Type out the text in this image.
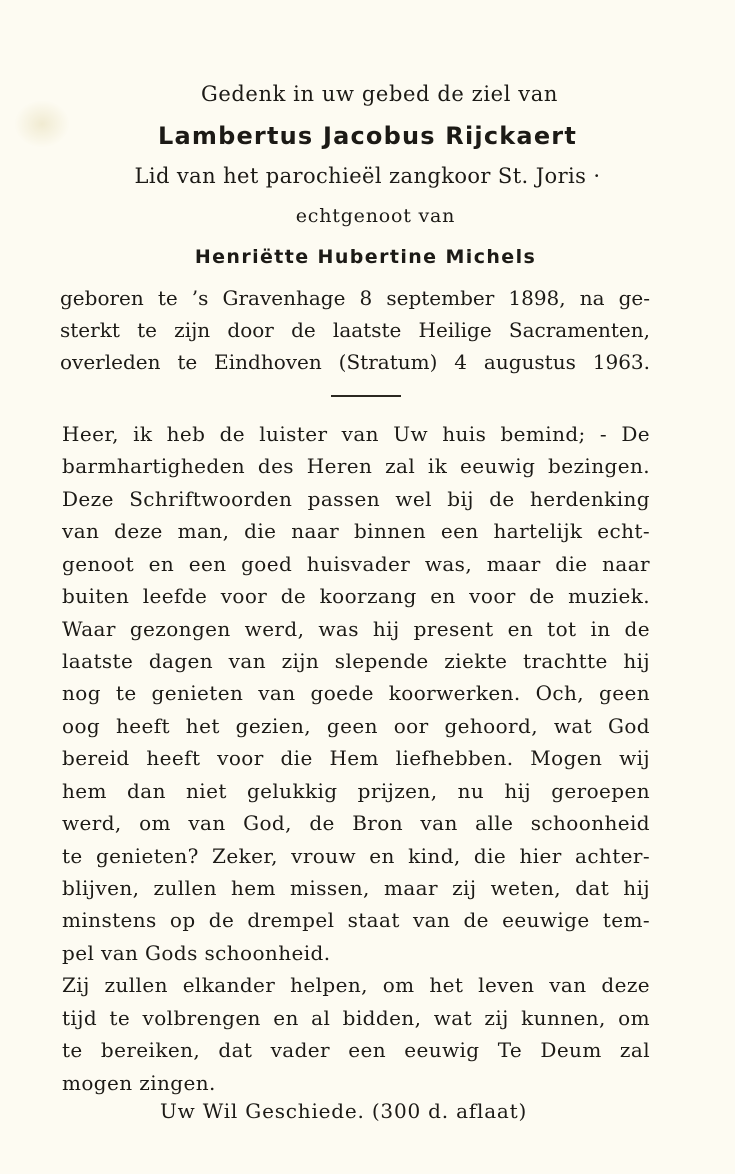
Gedenk in uw gebed de ziel van
Lambertus Jacobus Rijckaert
Lid van het parochieël zangkoor St. Joris ·
echtgenoot van
Henriëtte Hubertine Michels
geboren te ’s Gravenhage 8 september 1898, na ge-
sterkt te zijn door de laatste Heilige Sacramenten,
overleden te Eindhoven (Stratum) 4 augustus 1963.
Heer, ik heb de luister van Uw huis bemind; - De
barmhartigheden des Heren zal ik eeuwig bezingen.
Deze Schriftwoorden passen wel bij de herdenking
van deze man, die naar binnen een hartelijk echt-
genoot en een goed huisvader was, maar die naar
buiten leefde voor de koorzang en voor de muziek.
Waar gezongen werd, was hij present en tot in de
laatste dagen van zijn slepende ziekte trachtte hij
nog te genieten van goede koorwerken. Och, geen
oog heeft het gezien, geen oor gehoord, wat God
bereid heeft voor die Hem liefhebben. Mogen wij
hem dan niet gelukkig prijzen, nu hij geroepen
werd, om van God, de Bron van alle schoonheid
te genieten? Zeker, vrouw en kind, die hier achter-
blijven, zullen hem missen, maar zij weten, dat hij
minstens op de drempel staat van de eeuwige tem-
pel van Gods schoonheid.
Zij zullen elkander helpen, om het leven van deze
tijd te volbrengen en al bidden, wat zij kunnen, om
te bereiken, dat vader een eeuwig Te Deum zal
mogen zingen.
Uw Wil Geschiede. (300 d. aflaat)
